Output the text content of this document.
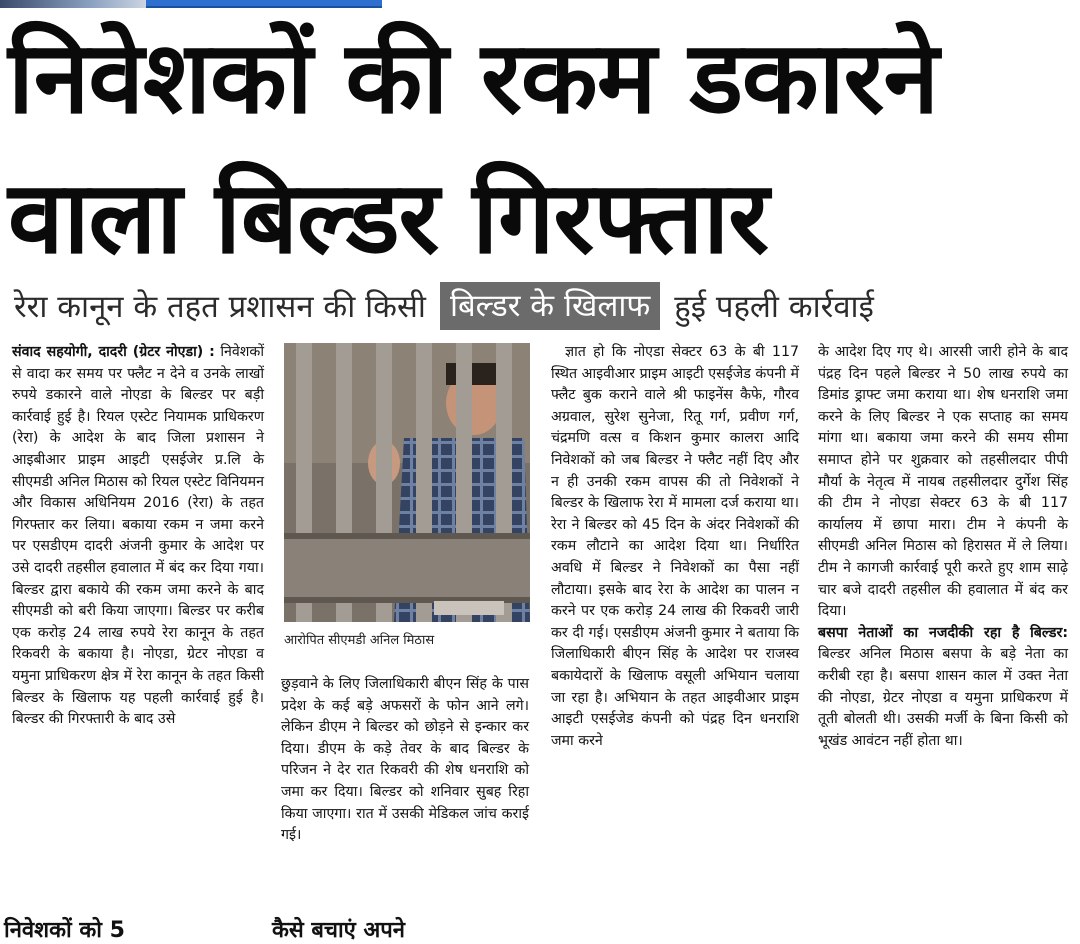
निवेशकों की रकम डकारने
वाला बिल्डर गिरफ्तार
रेरा कानून के तहत प्रशासन की किसी बिल्डर के खिलाफ हुई पहली कार्रवाई

संवाद सहयोगी, दादरी (ग्रेटर नोएडा) : निवेशकों से वादा कर समय पर फ्लैट न देने व उनके लाखों रुपये डकारने वाले नोएडा के बिल्डर पर बड़ी कार्रवाई हुई है। रियल एस्टेट नियामक प्राधिकरण (रेरा) के आदेश के बाद जिला प्रशासन ने आइबीआर प्राइम आइटी एसईजेर प्र.लि के सीएमडी अनिल मिठास को रियल एस्टेट विनियमन और विकास अधिनियम 2016 (रेरा) के तहत गिरफ्तार कर लिया। बकाया रकम न जमा करने पर एसडीएम दादरी अंजनी कुमार के आदेश पर उसे दादरी तहसील हवालात में बंद कर दिया गया। बिल्डर द्वारा बकाये की रकम जमा करने के बाद सीएमडी को बरी किया जाएगा। बिल्डर पर करीब एक करोड़ 24 लाख रुपये रेरा कानून के तहत रिकवरी के बकाया है। नोएडा, ग्रेटर नोएडा व यमुना प्राधिकरण क्षेत्र में रेरा कानून के तहत किसी बिल्डर के खिलाफ यह पहली कार्रवाई हुई है। बिल्डर की गिरफ्तारी के बाद उसे

आरोपित सीएमडी अनिल मिठास

छुड़वाने के लिए जिलाधिकारी बीएन सिंह के पास प्रदेश के कई बड़े अफसरों के फोन आने लगे। लेकिन डीएम ने बिल्डर को छोड़ने से इन्कार कर दिया। डीएम के कड़े तेवर के बाद बिल्डर के परिजन ने देर रात रिकवरी की शेष धनराशि को जमा कर दिया। बिल्डर को शनिवार सुबह रिहा किया जाएगा। रात में उसकी मेडिकल जांच कराई गई।

ज्ञात हो कि नोएडा सेक्टर 63 के बी 117 स्थित आइवीआर प्राइम आइटी एसईजेड कंपनी में फ्लैट बुक कराने वाले श्री फाइनेंस कैफे, गौरव अग्रवाल, सुरेश सुनेजा, रितू गर्ग, प्रवीण गर्ग, चंद्रमणि वत्स व किशन कुमार कालरा आदि निवेशकों को जब बिल्डर ने फ्लैट नहीं दिए और न ही उनकी रकम वापस की तो निवेशकों ने बिल्डर के खिलाफ रेरा में मामला दर्ज कराया था। रेरा ने बिल्डर को 45 दिन के अंदर निवेशकों की रकम लौटाने का आदेश दिया था। निर्धारित अवधि में बिल्डर ने निवेशकों का पैसा नहीं लौटाया। इसके बाद रेरा के आदेश का पालन न करने पर एक करोड़ 24 लाख की रिकवरी जारी कर दी गई। एसडीएम अंजनी कुमार ने बताया कि जिलाधिकारी बीएन सिंह के आदेश पर राजस्व बकायेदारों के खिलाफ वसूली अभियान चलाया जा रहा है। अभियान के तहत आइवीआर प्राइम आइटी एसईजेड कंपनी को पंद्रह दिन धनराशि जमा करने

के आदेश दिए गए थे। आरसी जारी होने के बाद पंद्रह दिन पहले बिल्डर ने 50 लाख रुपये का डिमांड ड्राफ्ट जमा कराया था। शेष धनराशि जमा करने के लिए बिल्डर ने एक सप्ताह का समय मांगा था। बकाया जमा करने की समय सीमा समाप्त होने पर शुक्रवार को तहसीलदार पीपी मौर्या के नेतृत्व में नायब तहसीलदार दुर्गेश सिंह की टीम ने नोएडा सेक्टर 63 के बी 117 कार्यालय में छापा मारा। टीम ने कंपनी के सीएमडी अनिल मिठास को हिरासत में ले लिया। टीम ने कागजी कार्रवाई पूरी करते हुए शाम साढ़े चार बजे दादरी तहसील की हवालात में बंद कर दिया।

बसपा नेताओं का नजदीकी रहा है बिल्डर: बिल्डर अनिल मिठास बसपा के बड़े नेता का करीबी रहा है। बसपा शासन काल में उक्त नेता की नोएडा, ग्रेटर नोएडा व यमुना प्राधिकरण में तूती बोलती थी। उसकी मर्जी के बिना किसी को भूखंड आवंटन नहीं होता था।

निवेशकों को 5	कैसे बचाएं अपने
